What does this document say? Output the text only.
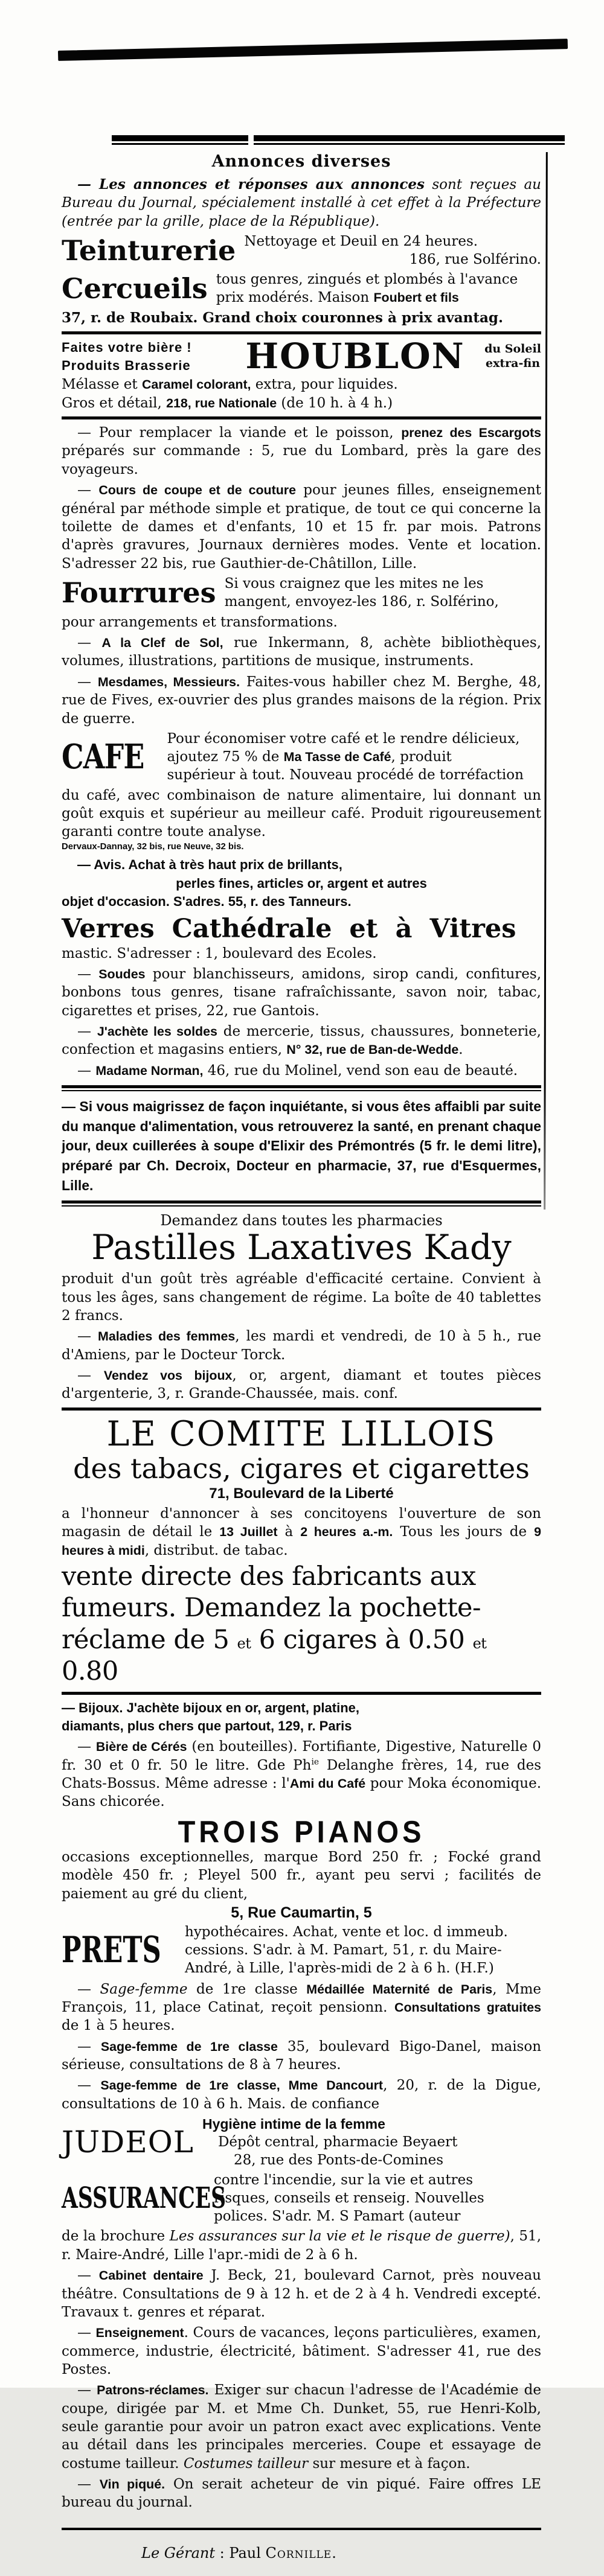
Annonces diverses

— Les annonces et réponses aux annonces sont reçues au Bureau du Journal, spécialement installé à cet effet à la Préfecture (entrée par la grille, place de la République).

Teinturerie Nettoyage et Deuil en 24 heures.
186, rue Solférino.
Cercueils tous genres, zingués et plombés à l'avance
prix modérés. Maison Foubert et fils

37, r. de Roubaix. Grand choix couronnes à prix avantag.

Faites votre bière !
Produits Brasserie	HOUBLON	du Soleil
extra-fin

Mélasse et Caramel colorant, extra, pour liquides.

Gros et détail, 218, rue Nationale (de 10 h. à 4 h.)

— Pour remplacer la viande et le poisson, prenez des Escargots préparés sur commande : 5, rue du Lombard, près la gare des voyageurs.

— Cours de coupe et de couture pour jeunes filles, enseignement général par méthode simple et pratique, de tout ce qui concerne la toilette de dames et d'enfants, 10 et 15 fr. par mois. Patrons d'après gravures, Journaux dernières modes. Vente et location. S'adresser 22 bis, rue Gauthier-de-Châtillon, Lille.

Fourrures Si vous craignez que les mites ne les
mangent, envoyez-les 186, r. Solférino,

pour arrangements et transformations.

— A la Clef de Sol, rue Inkermann, 8, achète bibliothèques, volumes, illustrations, partitions de musique, instruments.

— Mesdames, Messieurs. Faites-vous habiller chez M. Berghe, 48, rue de Fives, ex-ouvrier des plus grandes maisons de la région. Prix de guerre.

CAFE Pour économiser votre café et le rendre délicieux,
ajoutez 75 % de Ma Tasse de Café, produit
supérieur à tout. Nouveau procédé de torréfaction

du café, avec combinaison de nature alimentaire, lui donnant un goût exquis et supérieur au meilleur café. Produit rigoureusement garanti contre toute analyse.

Dervaux-Dannay, 32 bis, rue Neuve, 32 bis.

— Avis. Achat à très haut prix de brillants,
perles fines, articles or, argent et autres
objet d'occasion. S'adres. 55, r. des Tanneurs.
Verres Cathédrale et à Vitres

mastic. S'adresser : 1, boulevard des Ecoles.

— Soudes pour blanchisseurs, amidons, sirop candi, confitures, bonbons tous genres, tisane rafraîchissante, savon noir, tabac, cigarettes et prises, 22, rue Gantois.

— J'achète les soldes de mercerie, tissus, chaussures, bonneterie, confection et magasins entiers, N° 32, rue de Ban-de-Wedde.

— Madame Norman, 46, rue du Molinel, vend son eau de beauté.

— Si vous maigrissez de façon inquiétante, si vous êtes affaibli par suite du manque d'alimentation, vous retrouverez la santé, en prenant chaque jour, deux cuillerées à soupe d'Elixir des Prémontrés (5 fr. le demi litre), préparé par Ch. Decroix, Docteur en pharmacie, 37, rue d'Esquermes, Lille.

Demandez dans toutes les pharmacies
Pastilles Laxatives Kady

produit d'un goût très agréable d'efficacité certaine. Convient à tous les âges, sans changement de régime. La boîte de 40 tablettes 2 francs.

— Maladies des femmes, les mardi et vendredi, de 10 à 5 h., rue d'Amiens, par le Docteur Torck.

— Vendez vos bijoux, or, argent, diamant et toutes pièces d'argenterie, 3, r. Grande-Chaussée, mais. conf.

LE COMITE LILLOIS
des tabacs, cigares et cigarettes
71, Boulevard de la Liberté

a l'honneur d'annoncer à ses concitoyens l'ouverture de son magasin de détail le 13 Juillet à 2 heures a.-m. Tous les jours de 9 heures à midi, distribut. de tabac.

vente directe des fabricants aux
fumeurs. Demandez la pochette-
réclame de 5 et 6 cigares à 0.50 et 0.80
— Bijoux. J'achète bijoux en or, argent, platine,
diamants, plus chers que partout, 129, r. Paris

— Bière de Cérés (en bouteilles). Fortifiante, Digestive, Naturelle 0 fr. 30 et 0 fr. 50 le litre. Gde $Ph^{ie}$ Delanghe frères, 14, rue des Chats-Bossus. Même adresse : l'Ami du Café pour Moka économique. Sans chicorée.

TROIS PIANOS

occasions exceptionnelles, marque Bord 250 fr. ; Focké grand modèle 450 fr. ; Pleyel 500 fr., ayant peu servi ; facilités de paiement au gré du client,

5, Rue Caumartin, 5
PRETS	hypothécaires. Achat, vente et loc. d immeub.
cessions. S'adr. à M. Pamart, 51, r. du Maire-
André, à Lille, l'après-midi de 2 à 6 h. (H.F.)

— Sage-femme de 1re classe Médaillée Maternité de Paris, Mme François, 11, place Catinat, reçoit pensionn. Consultations gratuites de 1 à 5 heures.

— Sage-femme de 1re classe 35, boulevard Bigo-Danel, maison sérieuse, consultations de 8 à 7 heures.

— Sage-femme de 1re classe, Mme Dancourt, 20, r. de la Digue, consultations de 10 à 6 h. Mais. de confiance

JUDEOL
Hygiène intime de la femme
Dépôt central, pharmacie Beyaert
28, rue des Ponts-de-Comines
ASSURANCES
contre l'incendie, sur la vie et autres
risques, conseils et renseig. Nouvelles
polices. S'adr. M. S Pamart (auteur

de la brochure Les assurances sur la vie et le risque de guerre), 51, r. Maire-André, Lille l'apr.-midi de 2 à 6 h.

— Cabinet dentaire J. Beck, 21, boulevard Carnot, près nouveau théâtre. Consultations de 9 à 12 h. et de 2 à 4 h. Vendredi excepté. Travaux t. genres et réparat.

— Enseignement. Cours de vacances, leçons particulières, examen, commerce, industrie, électricité, bâtiment. S'adresser 41, rue des Postes.

— Patrons-réclames. Exiger sur chacun l'adresse de l'Académie de coupe, dirigée par M. et Mme Ch. Dunket, 55, rue Henri-Kolb, seule garantie pour avoir un patron exact avec explications. Vente au détail dans les principales merceries. Coupe et essayage de costume tailleur. Costumes tailleur sur mesure et à façon.

— Vin piqué. On serait acheteur de vin piqué. Faire offres LE bureau du journal.

Le Gérant : Paul Cornille.
